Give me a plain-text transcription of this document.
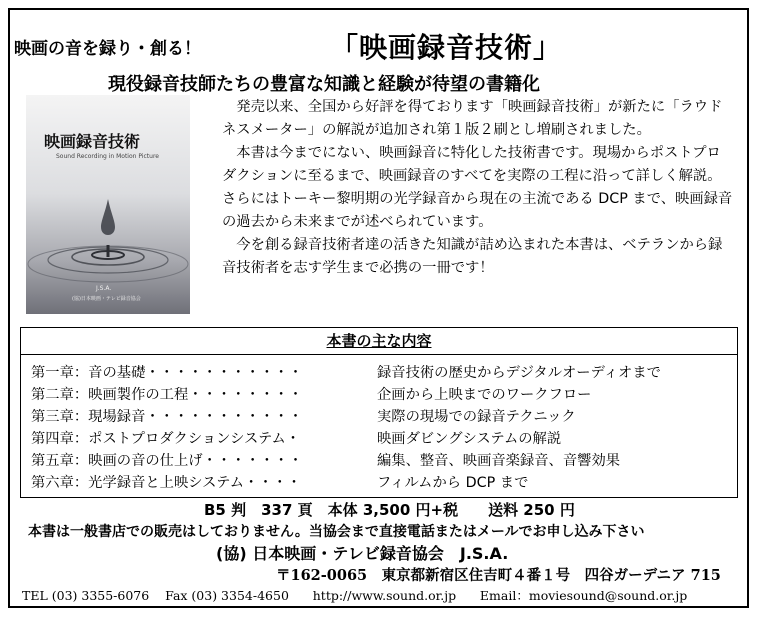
映画の音を録り・創る！	「映画録音技術」
現役録音技師たちの豊富な知識と経験が待望の書籍化
映画録音技術
Sound Recording in Motion Picture
J.S.A.
(協)日本映画・テレビ録音協会

発売以来、全国から好評を得ております「映画録音技術」が新たに「ラウドネスメーター」の解説が追加され第１版２刷とし増刷されました。

本書は今までにない、映画録音に特化した技術書です。現場からポストプロダクションに至るまで、映画録音のすべてを実際の工程に沿って詳しく解説。さらにはトーキー黎明期の光学録音から現在の主流である DCP まで、映画録音の過去から未来までが述べられています。

今を創る録音技術者達の活きた知識が詰め込まれた本書は、ベテランから録音技術者を志す学生まで必携の一冊です！

本書の主な内容
第一章：音の基礎・・・・・・・・・・・	録音技術の歴史からデジタルオーディオまで
第二章：映画製作の工程・・・・・・・・	企画から上映までのワークフロー
第三章：現場録音・・・・・・・・・・・	実際の現場での録音テクニック
第四章：ポストプロダクションシステム・	映画ダビングシステムの解説
第五章：映画の音の仕上げ・・・・・・・	編集、整音、映画音楽録音、音響効果
第六章：光学録音と上映システム・・・・	フィルムから DCP まで
B5 判　337 頁　本体 3,500 円+税　　送料 250 円
本書は一般書店での販売はしておりません。当協会まで直接電話またはメールでお申し込み下さい
(協) 日本映画・テレビ録音協会　J.S.A.
〒162-0065　東京都新宿区住吉町４番１号　四谷ガーデニア 715
TEL (03) 3355-6076 Fax (03) 3354-4650 http://www.sound.or.jp Email：moviesound@sound.or.jp
